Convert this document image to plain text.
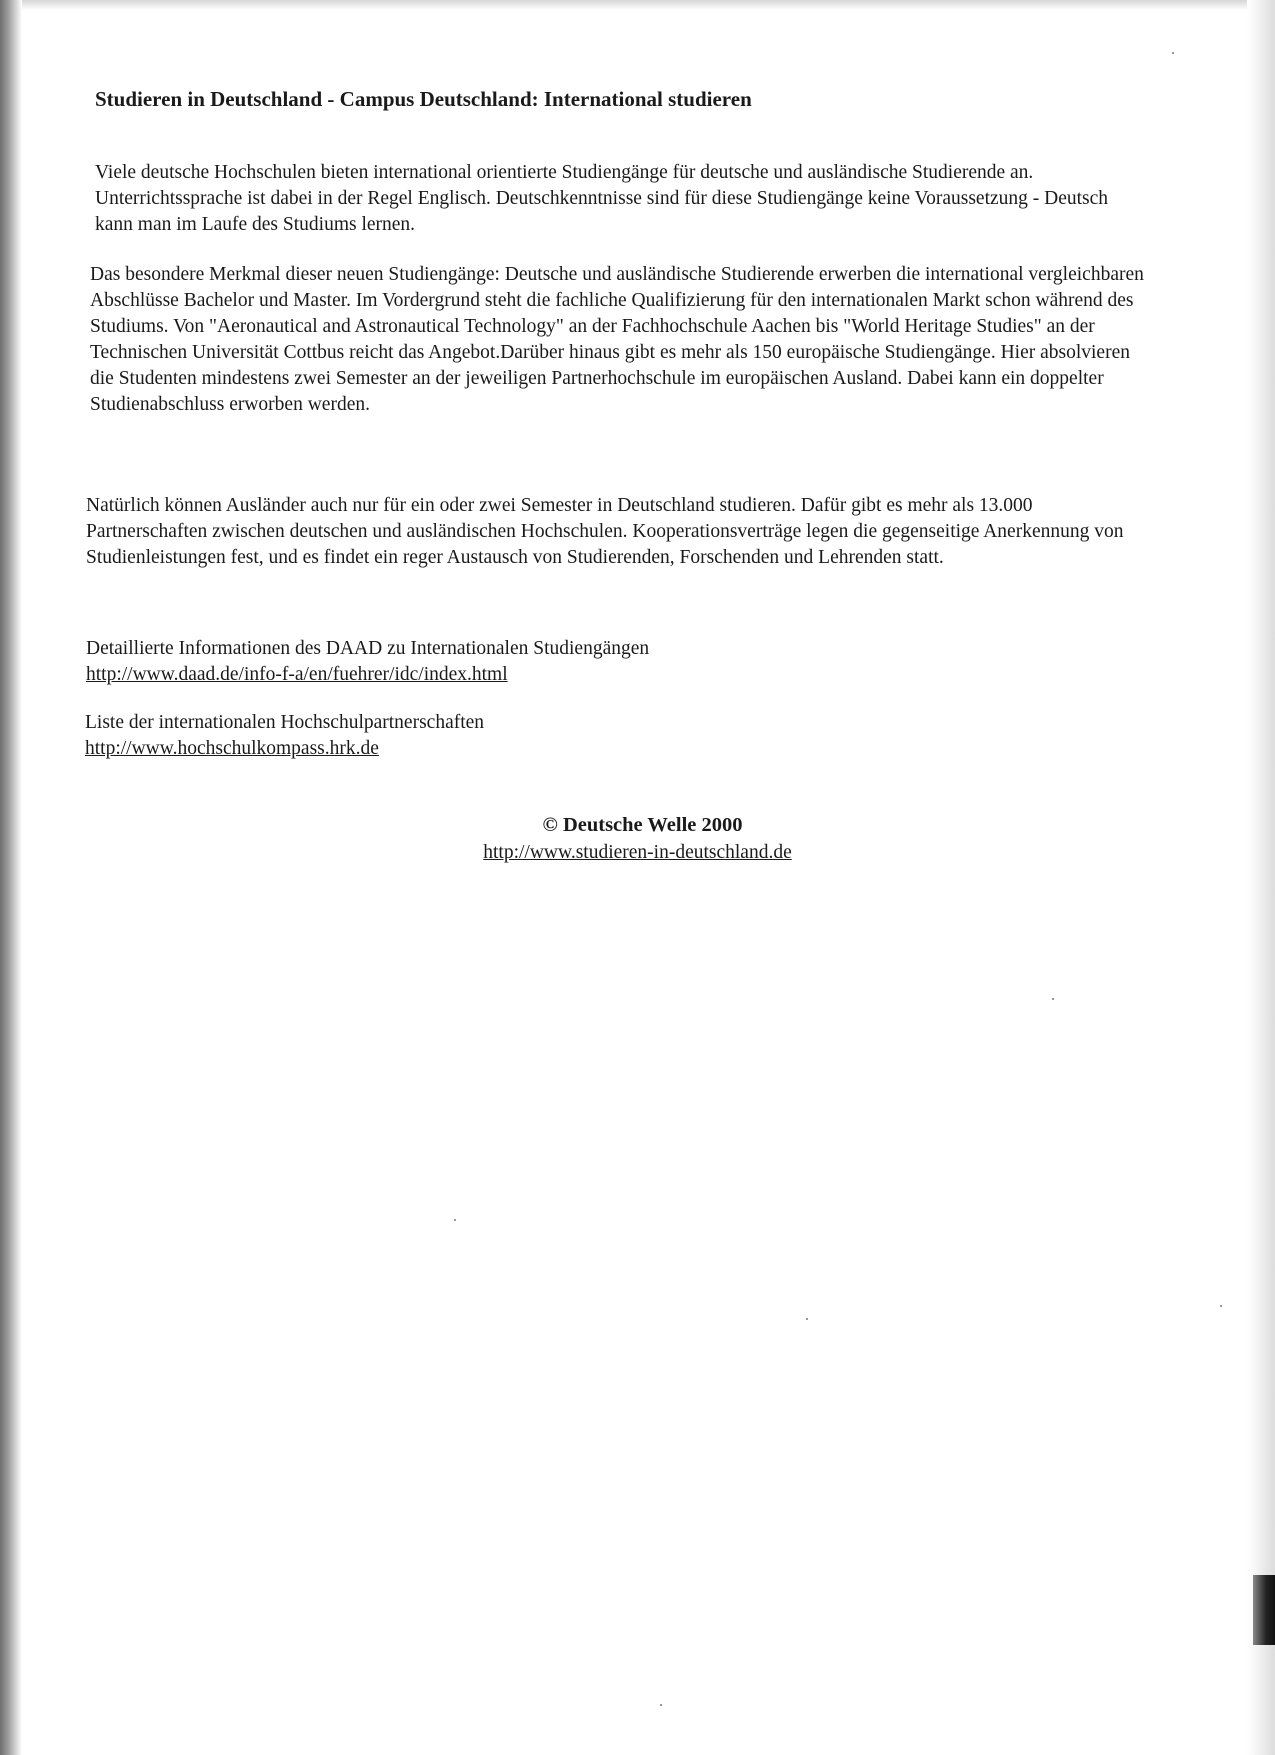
Studieren in Deutschland - Campus Deutschland: International studieren

Viele deutsche Hochschulen bieten international orientierte Studiengänge für deutsche und ausländische Studierende an. Unterrichtssprache ist dabei in der Regel Englisch. Deutschkenntnisse sind für diese Studiengänge keine Voraussetzung - Deutsch kann man im Laufe des Studiums lernen.

Das besondere Merkmal dieser neuen Studiengänge: Deutsche und ausländische Studierende erwerben die international vergleichbaren Abschlüsse Bachelor und Master. Im Vordergrund steht die fachliche Qualifizierung für den internationalen Markt schon während des Studiums. Von "Aeronautical and Astronautical Technology" an der Fachhochschule Aachen bis "World Heritage Studies" an der Technischen Universität Cottbus reicht das Angebot.Darüber hinaus gibt es mehr als 150 europäische Studiengänge. Hier absolvieren die Studenten mindestens zwei Semester an der jeweiligen Partnerhochschule im europäischen Ausland. Dabei kann ein doppelter Studienabschluss erworben werden.

Natürlich können Ausländer auch nur für ein oder zwei Semester in Deutschland studieren. Dafür gibt es mehr als 13.000 Partnerschaften zwischen deutschen und ausländischen Hochschulen. Kooperationsverträge legen die gegenseitige Anerkennung von Studienleistungen fest, und es findet ein reger Austausch von Studierenden, Forschenden und Lehrenden statt.

Detaillierte Informationen des DAAD zu Internationalen Studiengängen
http://www.daad.de/info-f-a/en/fuehrer/idc/index.html
Liste der internationalen Hochschulpartnerschaften
http://www.hochschulkompass.hrk.de
© Deutsche Welle 2000
http://www.studieren-in-deutschland.de
